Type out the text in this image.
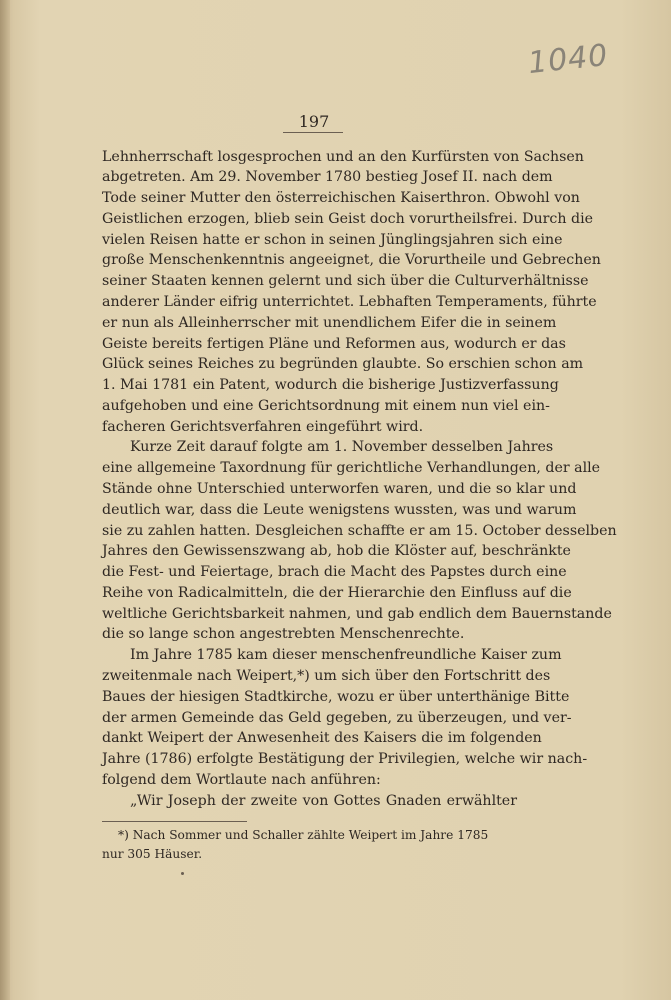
1040
197
Lehnherrschaft losgesprochen und an den Kurfürsten von Sachsen
abgetreten. Am 29. November 1780 bestieg Josef II. nach dem
Tode seiner Mutter den österreichischen Kaiserthron. Obwohl von
Geistlichen erzogen, blieb sein Geist doch vorurtheilsfrei. Durch die
vielen Reisen hatte er schon in seinen Jünglingsjahren sich eine
große Menschenkenntnis angeeignet, die Vorurtheile und Gebrechen
seiner Staaten kennen gelernt und sich über die Culturverhältnisse
anderer Länder eifrig unterrichtet. Lebhaften Temperaments, führte
er nun als Alleinherrscher mit unendlichem Eifer die in seinem
Geiste bereits fertigen Pläne und Reformen aus, wodurch er das
Glück seines Reiches zu begründen glaubte. So erschien schon am
1. Mai 1781 ein Patent, wodurch die bisherige Justizverfassung
aufgehoben und eine Gerichtsordnung mit einem nun viel ein-
facheren Gerichtsverfahren eingeführt wird.
Kurze Zeit darauf folgte am 1. November desselben Jahres
eine allgemeine Taxordnung für gerichtliche Verhandlungen, der alle
Stände ohne Unterschied unterworfen waren, und die so klar und
deutlich war, dass die Leute wenigstens wussten, was und warum
sie zu zahlen hatten. Desgleichen schaffte er am 15. October desselben
Jahres den Gewissenszwang ab, hob die Klöster auf, beschränkte
die Fest- und Feiertage, brach die Macht des Papstes durch eine
Reihe von Radicalmitteln, die der Hierarchie den Einfluss auf die
weltliche Gerichtsbarkeit nahmen, und gab endlich dem Bauernstande
die so lange schon angestrebten Menschenrechte.
Im Jahre 1785 kam dieser menschenfreundliche Kaiser zum
zweitenmale nach Weipert,*) um sich über den Fortschritt des
Baues der hiesigen Stadtkirche, wozu er über unterthänige Bitte
der armen Gemeinde das Geld gegeben, zu überzeugen, und ver-
dankt Weipert der Anwesenheit des Kaisers die im folgenden
Jahre (1786) erfolgte Bestätigung der Privilegien, welche wir nach-
folgend dem Wortlaute nach anführen:
„Wir Joseph der zweite von Gottes Gnaden erwählter
*) Nach Sommer und Schaller zählte Weipert im Jahre 1785
nur 305 Häuser.
